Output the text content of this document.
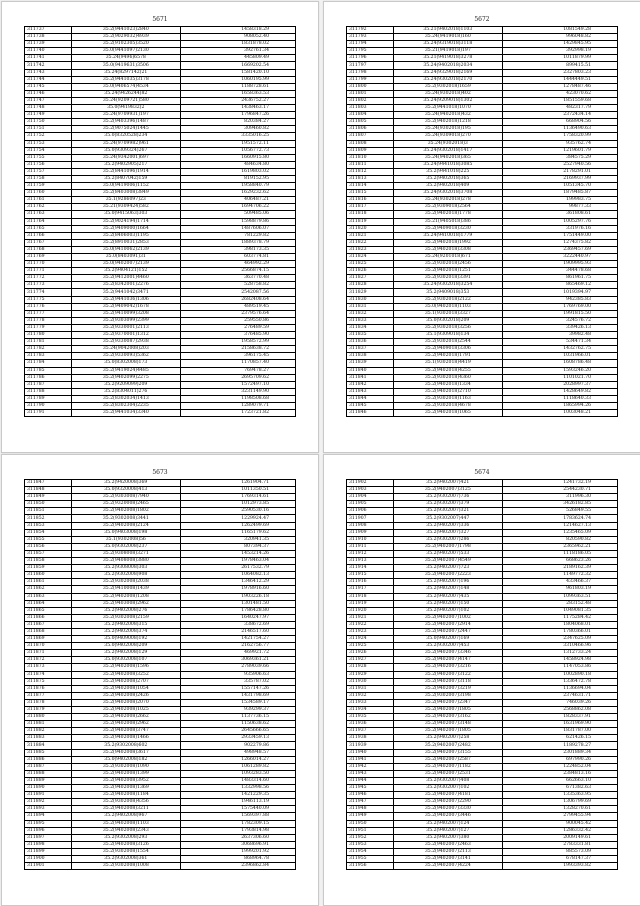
5671
311737	35.2(9441023)2840	1458318.29
311738	35.2(9029032)4939	908052.40
311739	35.2(9102305)3520	1831878.02
311740	35.0(9441097)2130	392761.34
311741	35.24(9496)6578	445809.49
311742	35.0(9419631)3506	1669202.54
311743	35.24(8297142)21	1581420.10
311744	35.2(9441035)3178	1060195.99
311745	35.0(9406574)4534	1188728.61
311746	35.24(9426244)82	1658363.53
311747	35.24(9209721)580	2436752.27
311748	35.0(9419832)2	1438463.17
311749	35.24(9709931)197	1796847.26
311750	35.2(9403396)1487	820384.27
311751	35.2(9075024)1445	309460.82
311752	35.0(8320528)234	3335016.25
311753	35.24(9709982)961	1951572.11
311754	35.0(9309324)267	1056772.73
311755	35.24(9342001)697	1660915.80
311756	35.2(9402905)217	484634.80
311757	35.2(8441096)1914	1619803.02
311758	35.2(8407042)159	819152.95
311759	35.0(9419006)1152	1958840.79
311760	35.2(8403008)3849	1629232.62
311761	35.1(9286097)23	406487.21
311762	35.21(9309424)582	1694706.22
311763	35.0(9415063)303	509485.06
311764	35.2(9024194)1714	1598879.86
311765	35.2(9409000)1664	1487606.07
311766	35.2(8406003)1195	781229.82
311767	35.2(8910031)2853	1889378.79
311768	35.0(9410062)2139	398173.35
311769	35.0(8403091)31	603774.81
311770	35.0(9402007)2139	464992.29
311771	35.2(9404121)152	2566874.15
311772	35.2(9412001)4460	363770.48
311773	35.2(8342001)2276	528758.82
311774	35.2(9441042)3471	2542087.56
311775	35.2(9441036)1306	2682408.64
311776	35.2(9409042)1678	489519.45
311777	35.2(9410099)3208	2379576.64
311778	35.2(9303099)2399	259550.86
311779	35.2(9330001)2113	276489.59
311780	35.2(9370001)1312	376485.90
311781	35.2(9330087)2938	1958572.99
311782	35.24(9042008)203	2158638.72
311783	35.2(9330093)5362	396175.45
311784	35.0(8302008)173	1170857.40
311785	35.2(9419024)4485	769478.27
311786	35.2(9402099)2275	2695709.62
311787	35.2(9209099)209	1572497.10
311788	35.2(8304011)276	3231149.90
311789	35.2(8302034)1413	1198508.68
311790	35.2(8302304)2235	1289079.71
311791	35.2(9441034)3340	1723721.82
5672
311792	35.21(9402018)1103	1081549.28
311793	35.24(9419018)160	996048.82
311794	35.24(9319018)3118	1429845.95
311795	35.21(9419018)197	392998.19
311796	35.21(9419018)3278	1011879.99
311797	35.24(9402018)2034	899415.51
311798	35.24(9329018)2169	2327803.23
311799	35.24(9302018)2170	1444449.51
311800	35.2(9302018)1659	1278487.46
311801	35.24(9302018)402	423070.62
311802	35.24(9209018)1302	1851559.68
311803	35.2(9441018)1070	482317.79
311804	35.24(9402018)432	2372434.14
311805	35.2(9402018)1218	668904.56
311806	35.24(9302018)195	1136490.63
311807	35.24(9309018)270	1758320.99
311808	35.24(9302018)3	935762.74
311809	35.24(9302018)1417	1219601.79
311810	35.24(9402018)365	384575.29
311811	35.24(9441018)3085	2527940.56
311812	35.2(9441018)225	2178291.01
311813	35.2(9402018)365	2169937.99
311814	35.2(9402018)409	1051345.70
311815	35.24(9302018)3708	1879485.87
311816	35.24(9302018)278	199983.75
311817	35.2(9309018)2564	99877.33
311818	35.2(9402018)1778	361808.61
311819	35.21(9405018)386	1005297.76
311820	35.2(9409018)3230	331976.16
311821	35.24(9410018)1779	1751449.00
311822	35.2(9402018)1992	1274375.82
311823	35.2(9402018)3308	2369457.69
311824	35.24(9201018)671	3222440.97
311825	35.2(9302018)2456	1909995.93
311826	35.2(9402018)1251	344478.68
311827	35.2(9302018)3391	861961.75
311828	35.24(9302018)3254	865469.12
311829	35.2(9409018)353	1019394.97
311830	35.2(9302018)2122	942385.83
311831	35.0(9402018)1103	1769769.00
311832	35.1(9302018)3327	1991815.50
311833	35.0(9302018)209	324576.72
311834	35.2(9302018)3256	339426.13
311835	35.1(9309018)134	39982.48
311836	35.2(9302018)2544	534471.34
311837	35.2(9409018)3306	1432762.75
311838	35.2(9402018)1791	1031966.01
311839	35.1(9302018)4419	1608786.48
311840	35.2(9402018)4255	1593246.20
311841	35.2(9302018)4360	1101021.70
311842	35.2(9402018)1334	2028997.37
311843	35.2(9402018)2710	1428649.82
311844	35.2(9302018)1163	1118640.33
311845	35.2(9302018)4678	1865994.26
311846	35.2(9402018)1065	1003048.21
5673
311847	35.2(9420008)369	1261904.71
311848	35.0(9320008)413	1011350.51
311849	35.2(9303008)7940	1769314.61
311850	35.2(9320008)2465	1012973.85
311851	35.2(9402008)1802	2590530.16
311852	35.2(9302008)3441	1229924.47
311853	35.2(9402008)2124	1262499.69
311854	35.0(9403008)198	1165179.62
311855	35.1(9302008)56	320941.35
311856	35.0(9302008)237	807394.37
311857	35.2(9308008)3271	1453214.26
311858	35.2(9408008)3880	1978463.04
311859	35.2(9308008)303	2617532.79
311860	35.2(9302008)908	1064082.13
311861	35.2(9302008)2038	1346412.29
311862	35.2(9410008)1439	1978916.60
311863	35.2(9402008)1208	1903226.18
311864	35.2(9403008)2962	1301481.50
311865	35.2(9402008)276	1786428.80
311866	35.2(9302008)2159	1640247.97
311867	35.2(9402008)315	338672.69
311868	35.2(9402008)374	2146517.60
311869	35.0(9409008)192	1421754.27
311870	35.0(9402008)209	2162756.77
311871	35.2(9402008)129	469921.72
311872	35.0(9302008)107	3069361.21
311873	35.2(9402008)1596	2789039.66
311874	35.2(9402008)3252	935906.63
311875	35.2(9402008)2707	335787.02
311876	35.2(9402008)1054	1557147.26
311877	35.2(9402008)2426	1431798.69
311878	35.2(9402008)2070	1534589.17
311879	35.2(9402008)1025	939299.37
311880	35.2(9402008)2662	1137736.15
311881	35.2(9402008)2962	1150638.62
311882	35.2(9402008)3747	2645666.65
311883	35.2(9402008)1466	2933459.13
311884	35.2(9302008)602	902279.86
311885	35.2(9402008)3617	498948.57
311886	35.0(9402008)182	1266014.27
311887	35.2(9302008)1090	1061289.82
311888	35.2(9402008)1399	1093283.50
311889	35.2(9402008)3952	1483314.60
311890	35.2(9402008)1369	1332998.56
311891	35.2(9402008)1184	1421229.35
311892	35.2(9302008)4356	1946113.19
311893	35.2(9402008)3211	1575440.09
311894	35.2(9402008)967	1569397.88
311895	35.2(9402008)1103	1782309.15
311896	35.2(9402008)2343	1793814.98
311897	35.2(9302008)293	2637306.60
311898	35.2(9402008)3126	3068696.91
311899	35.2(9302008)1554	1999201.92
311900	35.2(9302008)361	868964.78
311901	35.2(9302008)1008	2396862.84
5674
311902	35.2(9402007)421	1241732.19
311903	35.2(9402007)3125	2544230.71
311904	35.2(9302007)736	311996.30
311905	35.2(9302007)379	3426182.85
311906	35.2(9302007)321	526849.55
311907	35.2(9302007)447	1783624.74
311908	35.2(9402007)336	1214627.13
311909	35.2(9402007)327	1235465.09
311910	35.2(9302007)286	820590.82
311911	35.2(9402007)1798	2365962.21
311912	35.2(9402007)533	1118186.05
311913	35.2(9402007)4549	668623.26
311914	35.2(9402007)723	2189162.39
311915	35.2(9402007)2223	1149772.32
311916	35.2(9402007)196	433466.37
311917	35.2(9402007)148	961803.19
311918	35.2(9402007)435	1099363.51
311919	35.2(9402007)150	283152.48
311920	35.2(9402007)102	1049081.35
311921	35.2(9402007)1002	1175284.42
311922	35.2(9402007)2914	1804068.01
311923	35.2(9402007)2447	1780366.01
311924	35.0(9402007)169	2347625.09
311925	35.2(9302007)453	3310466.96
311926	35.2(9402007)3346	1312733.24
311927	35.2(9402007)4147	1458924.98
311928	35.2(9402007)3216	1147053.86
311929	35.2(9402007)3122	1002890.18
311930	35.2(9402007)3118	1336472.78
311931	35.2(9402007)3219	1136694.04
311932	35.2(9302007)3198	2374631.71
311933	35.2(9402007)2347	746039.26
311934	35.2(9402007)1805	2568862.08
311935	35.2(9402007)3162	1828337.91
311936	35.2(9402007)3148	1631969.90
311937	35.2(9402007)1805	1831787.00
311938	35.2(9402007)258	621426.15
311939	35.2(9402007)2482	1189278.27
311940	35.2(9402007)3155	2301889.34
311941	35.2(9402007)2587	697990.26
311942	35.2(9402007)1182	1224852.04
311943	35.2(9402007)2531	2384813.16
311944	35.2(9302007)408	662663.10
311945	35.2(9302007)102	671382.63
311946	35.2(9402007)4181	1335363.95
311947	35.2(9402007)2290	1306799.69
311948	35.2(9402007)3330	1328270.61
311949	35.2(9402007)3446	2799455.94
311950	35.2(9402007)124	900045.42
311951	35.2(9402007)127	1286332.42
311952	35.2(9402007)380	2009149.61
311953	35.2(9402007)2463	2783331.81
311954	35.2(9402007)2113	885573.09
311955	35.2(9402007)3141	678147.37
311956	35.2(9402007)4224	1993393.82
